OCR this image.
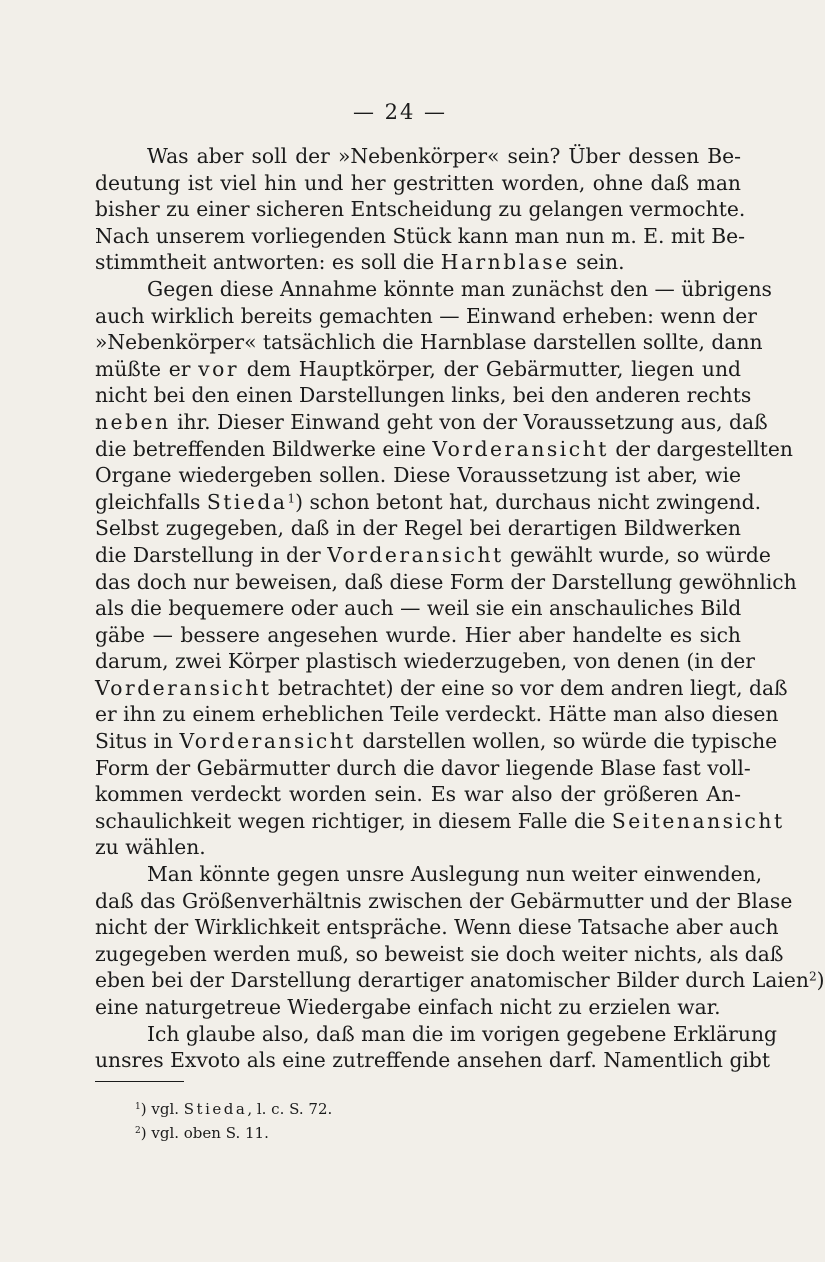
— 24 —
Was aber soll der »Nebenkörper« sein? Über dessen Be-
deutung ist viel hin und her gestritten worden, ohne daß man
bisher zu einer sicheren Entscheidung zu gelangen vermochte.
Nach unserem vorliegenden Stück kann man nun m. E. mit Be-
stimmtheit antworten: es soll die Harnblase sein.
Gegen diese Annahme könnte man zunächst den — übrigens
auch wirklich bereits gemachten — Einwand erheben: wenn der
»Nebenkörper« tatsächlich die Harnblase darstellen sollte, dann
müßte er vor dem Hauptkörper, der Gebärmutter, liegen und
nicht bei den einen Darstellungen links, bei den anderen rechts
neben ihr. Dieser Einwand geht von der Voraussetzung aus, daß
die betreffenden Bildwerke eine Vorderansicht der dargestellten
Organe wiedergeben sollen. Diese Voraussetzung ist aber, wie
gleichfalls Stieda$^1$) schon betont hat, durchaus nicht zwingend.
Selbst zugegeben, daß in der Regel bei derartigen Bildwerken
die Darstellung in der Vorderansicht gewählt wurde, so würde
das doch nur beweisen, daß diese Form der Darstellung gewöhnlich
als die bequemere oder auch — weil sie ein anschauliches Bild
gäbe — bessere angesehen wurde. Hier aber handelte es sich
darum, zwei Körper plastisch wiederzugeben, von denen (in der
Vorderansicht betrachtet) der eine so vor dem andren liegt, daß
er ihn zu einem erheblichen Teile verdeckt. Hätte man also diesen
Situs in Vorderansicht darstellen wollen, so würde die typische
Form der Gebärmutter durch die davor liegende Blase fast voll-
kommen verdeckt worden sein. Es war also der größeren An-
schaulichkeit wegen richtiger, in diesem Falle die Seitenansicht
zu wählen.
Man könnte gegen unsre Auslegung nun weiter einwenden,
daß das Größenverhältnis zwischen der Gebärmutter und der Blase
nicht der Wirklichkeit entspräche. Wenn diese Tatsache aber auch
zugegeben werden muß, so beweist sie doch weiter nichts, als daß
eben bei der Darstellung derartiger anatomischer Bilder durch Laien$^2$)
eine naturgetreue Wiedergabe einfach nicht zu erzielen war.
Ich glaube also, daß man die im vorigen gegebene Erklärung
unsres Exvoto als eine zutreffende ansehen darf. Namentlich gibt
$^1$) vgl. Stieda, l. c. S. 72.
$^2$) vgl. oben S. 11.
